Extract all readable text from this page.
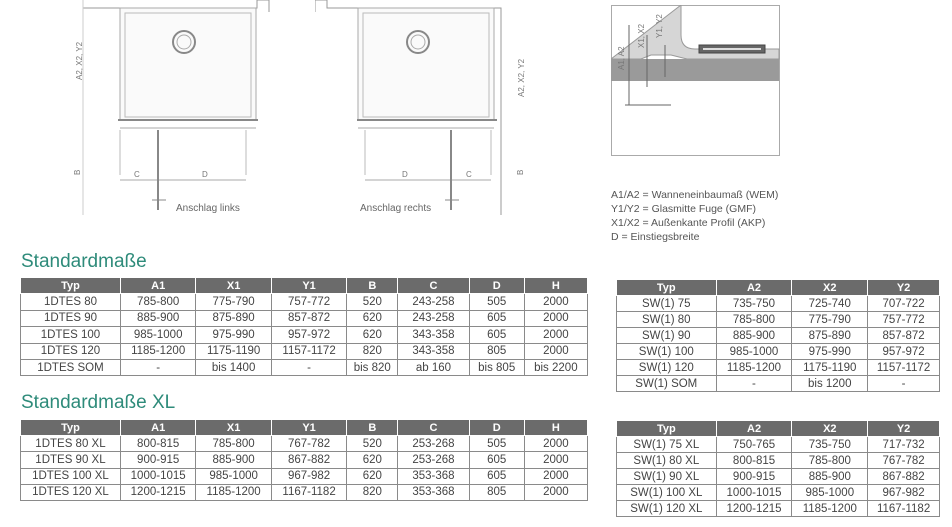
A2, X2, Y2
B	C	D
Anschlag links
A2, X2, Y2
B
D	C
Anschlag rechts
A1, A2
X1, X2 Y1, Y2
A1/A2 = Wanneneinbaumaß (WEM)
Y1/Y2 = Glasmitte Fuge (GMF)
X1/X2 = Außenkante Profil (AKP)
D = Einstiegsbreite
Standardmaße
Standardmaße XL
Typ	A1	X1	Y1	B	C	D	H
1DTES 80	785-800	775-790	757-772	520	243-258	505	2000
1DTES 90	885-900	875-890	857-872	620	243-258	605	2000
1DTES 100	985-1000	975-990	957-972	620	343-358	605	2000
1DTES 120	1185-1200	1175-1190	1157-1172	820	343-358	805	2000
1DTES SOM	-	bis 1400	-	bis 820	ab 160	bis 805	bis 2200
Typ	A2	X2	Y2
SW(1) 75	735-750	725-740	707-722
SW(1) 80	785-800	775-790	757-772
SW(1) 90	885-900	875-890	857-872
SW(1) 100	985-1000	975-990	957-972
SW(1) 120	1185-1200	1175-1190	1157-1172
SW(1) SOM	-	bis 1200	-
Typ	A1	X1	Y1	B	C	D	H
1DTES 80 XL	800-815	785-800	767-782	520	253-268	505	2000
1DTES 90 XL	900-915	885-900	867-882	620	253-268	605	2000
1DTES 100 XL	1000-1015	985-1000	967-982	620	353-368	605	2000
1DTES 120 XL	1200-1215	1185-1200	1167-1182	820	353-368	805	2000
Typ	A2	X2	Y2
SW(1) 75 XL	750-765	735-750	717-732
SW(1) 80 XL	800-815	785-800	767-782
SW(1) 90 XL	900-915	885-900	867-882
SW(1) 100 XL	1000-1015	985-1000	967-982
SW(1) 120 XL	1200-1215	1185-1200	1167-1182
